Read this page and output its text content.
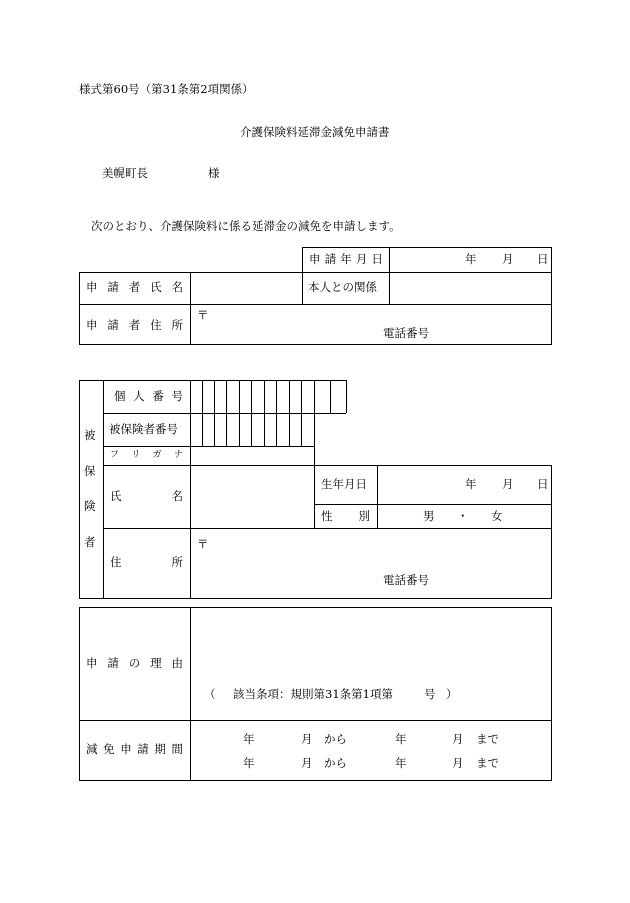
様式第60号（第31条第2項関係）
介護保険料延滞金減免申請書
美幌町長	様
次のとおり、介護保険料に係る延滞金の減免を申請します。
申 請 年 月 日	年 月 日
申 請 者 氏 名	本人との関係
申 請 者 住 所
〒
電話番号
被
保
険
者
個 人 番 号
被保険者番号
フ リ ガ ナ
氏	名
生年月日	年 月 日
性 別	男 ・ 女
住	所
〒
電話番号
申 請 の 理 由
（ 該当条項：規則第31条第1項第	号 ）
減 免 申 請 期 間
年	月 から	年	月 まで
年	月 から	年	月 まで
